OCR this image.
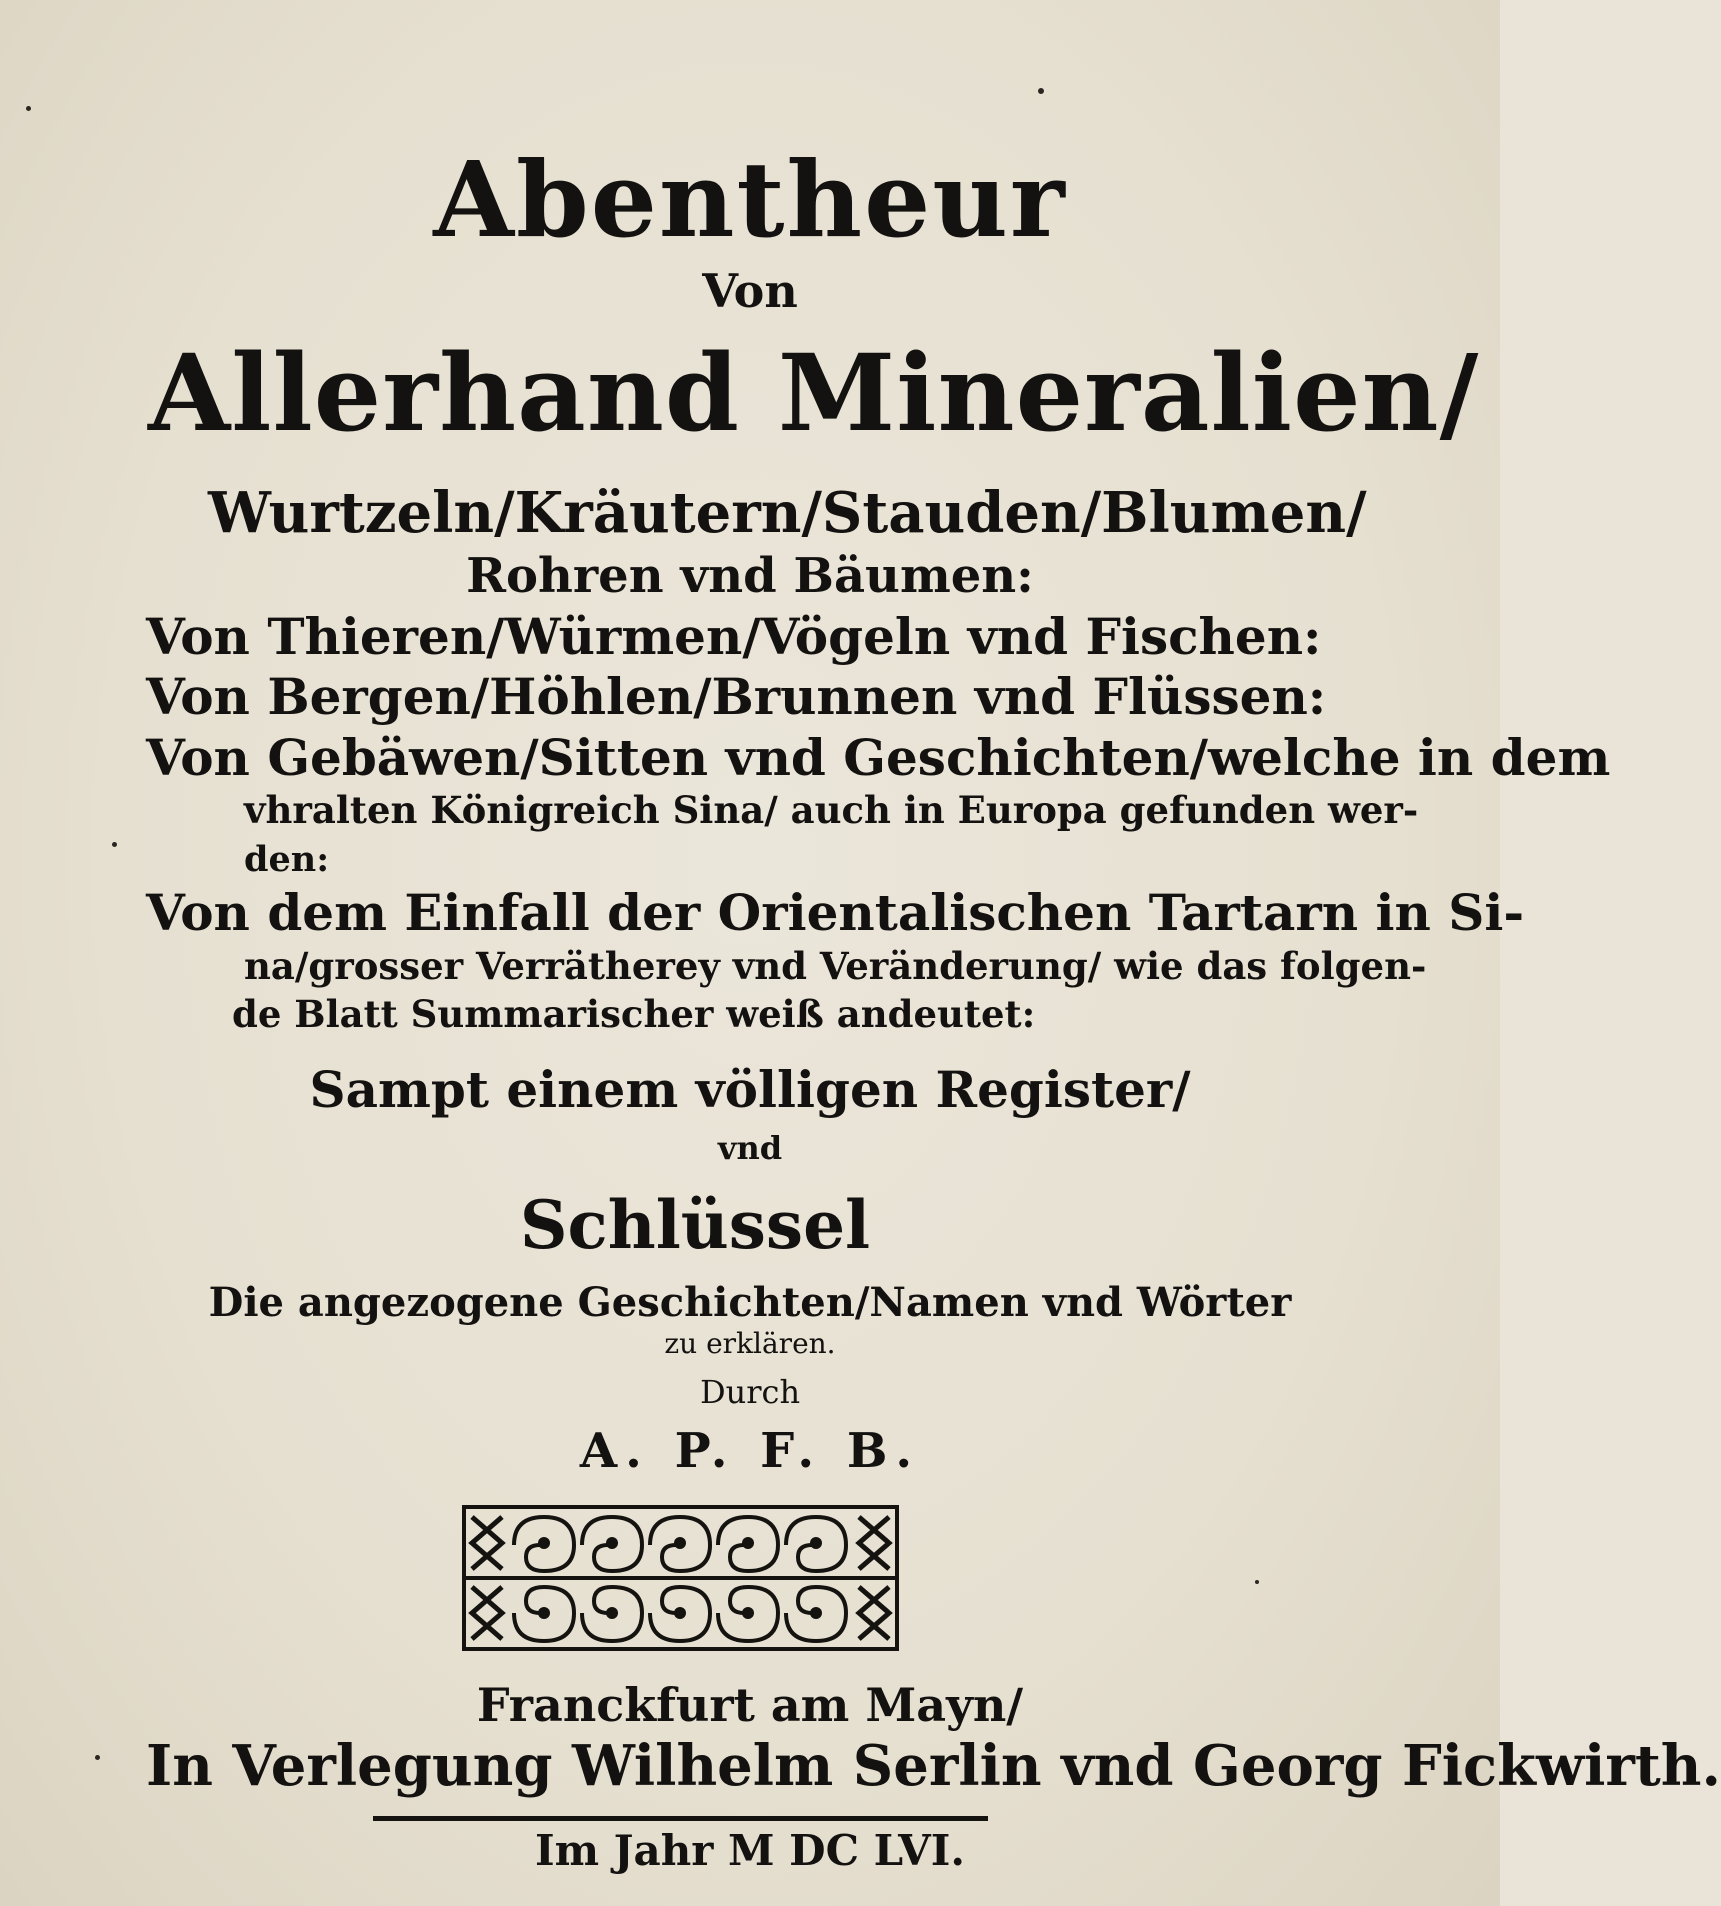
Abentheur
Von
Allerhand Mineralien/
Wurtzeln/Kräutern/Stauden/Blumen/
Rohren vnd Bäumen:
Von Thieren/Würmen/Vögeln vnd Fischen:
Von Bergen/Höhlen/Brunnen vnd Flüssen:
Von Gebäwen/Sitten vnd Geschichten/welche in dem
vhralten Königreich Sina/ auch in Europa gefunden wer-
den:
Von dem Einfall der Orientalischen Tartarn in Si-
na/grosser Verrätherey vnd Veränderung/ wie das folgen-
de Blatt Summarischer weiß andeutet:
Sampt einem völligen Register/
vnd
Schlüssel
Die angezogene Geschichten/Namen vnd Wörter
zu erklären.
Durch
A. P. F. B.
Franckfurt am Mayn/
In Verlegung Wilhelm Serlin vnd Georg Fickwirth.
Im Jahr M DC LVI.
